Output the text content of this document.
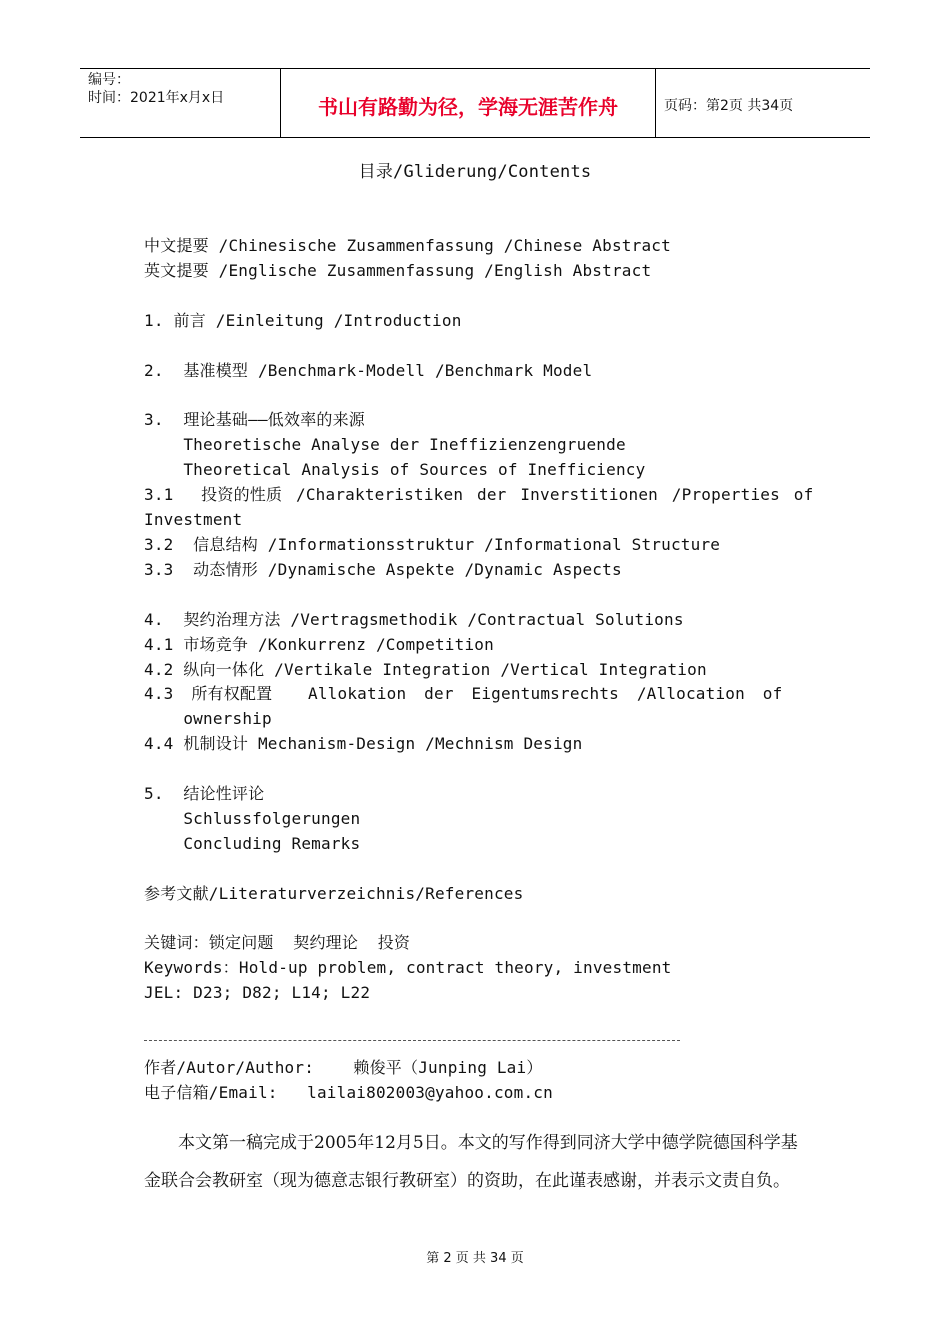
编号：
时间：2021年x月x日	书山有路勤为径，学海无涯苦作舟	页码：第2页 共34页
目录/Gliderung/Contents
中文提要 /Chinesische Zusammenfassung /Chinese Abstract
英文提要 /Englische Zusammenfassung /English Abstract
1. 前言 /Einleitung /Introduction
2.  基准模型 /Benchmark-Modell /Benchmark Model
3.  理论基础——低效率的来源
Theoretische Analyse der Ineffizienzengruende
Theoretical Analysis of Sources of Inefficiency
3.1  投资的性质 /Charakteristiken der Inverstitionen /Properties of
Investment
3.2  信息结构 /Informationsstruktur /Informational Structure
3.3  动态情形 /Dynamische Aspekte /Dynamic Aspects
4.  契约治理方法 /Vertragsmethodik /Contractual Solutions
4.1 市场竞争 /Konkurrenz /Competition
4.2 纵向一体化 /Vertikale Integration /Vertical Integration
4.3 所有权配置  Allokation der Eigentumsrechts /Allocation of
ownership
4.4 机制设计 Mechanism-Design /Mechnism Design
5.  结论性评论
Schlussfolgerungen
Concluding Remarks
参考文献/Literaturverzeichnis/References
关键词：锁定问题  契约理论  投资
Keywords：Hold-up problem, contract theory, investment
JEL: D23; D82; L14; L22
作者/Autor/Author:    赖俊平（Junping Lai）
电子信箱/Email:   lailai802003@yahoo.com.cn
本文第一稿完成于2005年12月5日。本文的写作得到同济大学中德学院德国科学基金联合会教研室（现为德意志银行教研室）的资助，在此谨表感谢，并表示文责自负。
第 2 页 共 34 页
